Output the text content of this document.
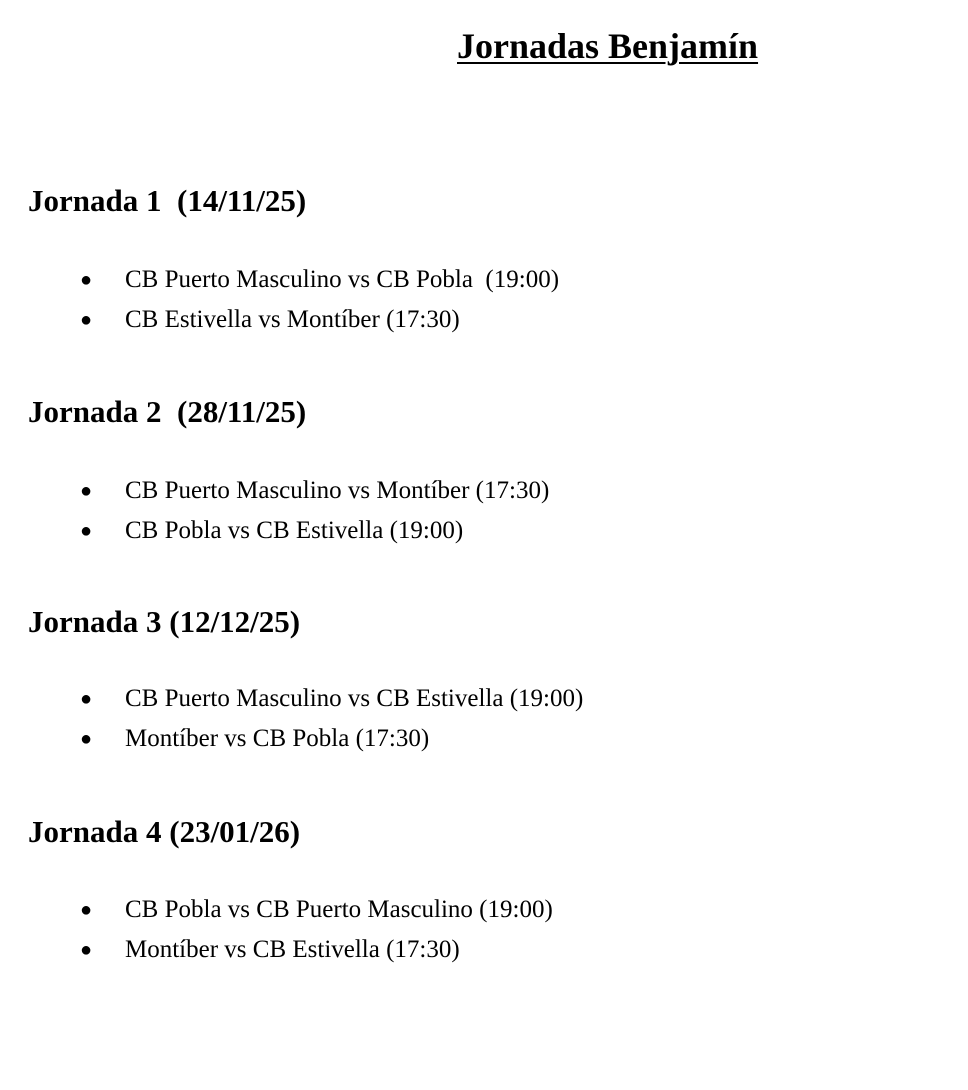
Jornadas Benjamín
Jornada 1  (14/11/25)

●

CB Puerto Masculino vs CB Pobla  (19:00)

●

CB Estivella vs Montíber (17:30)

Jornada 2  (28/11/25)

●

CB Puerto Masculino vs Montíber (17:30)

●

CB Pobla vs CB Estivella (19:00)

Jornada 3 (12/12/25)

●

CB Puerto Masculino vs CB Estivella (19:00)

●

Montíber vs CB Pobla (17:30)

Jornada 4 (23/01/26)

●

CB Pobla vs CB Puerto Masculino (19:00)

●

Montíber vs CB Estivella (17:30)
